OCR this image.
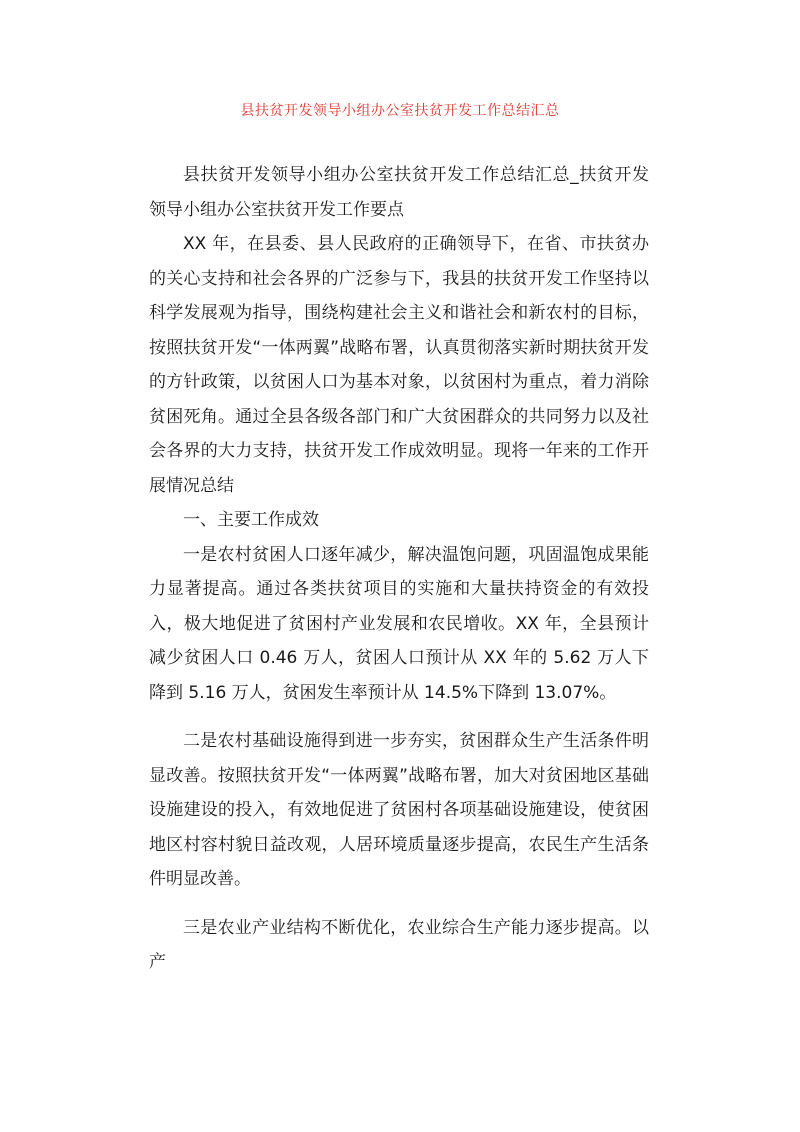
县扶贫开发领导小组办公室扶贫开发工作总结汇总

县扶贫开发领导小组办公室扶贫开发工作总结汇总_扶贫开发领导小组办公室扶贫开发工作要点

XX 年，在县委、县人民政府的正确领导下，在省、市扶贫办的关心支持和社会各界的广泛参与下，我县的扶贫开发工作坚持以科学发展观为指导，围绕构建社会主义和谐社会和新农村的目标，按照扶贫开发“一体两翼”战略布署，认真贯彻落实新时期扶贫开发的方针政策，以贫困人口为基本对象，以贫困村为重点，着力消除贫困死角。通过全县各级各部门和广大贫困群众的共同努力以及社会各界的大力支持，扶贫开发工作成效明显。现将一年来的工作开展情况总结

一、主要工作成效

一是农村贫困人口逐年减少，解决温饱问题，巩固温饱成果能力显著提高。通过各类扶贫项目的实施和大量扶持资金的有效投入，极大地促进了贫困村产业发展和农民增收。XX 年，全县预计减少贫困人口 0.46 万人，贫困人口预计从 XX 年的 5.62 万人下降到 5.16 万人，贫困发生率预计从 14.5%下降到 13.07%。

二是农村基础设施得到进一步夯实，贫困群众生产生活条件明显改善。按照扶贫开发“一体两翼”战略布署，加大对贫困地区基础设施建设的投入，有效地促进了贫困村各项基础设施建设，使贫困地区村容村貌日益改观，人居环境质量逐步提高，农民生产生活条件明显改善。

三是农业产业结构不断优化，农业综合生产能力逐步提高。以产
